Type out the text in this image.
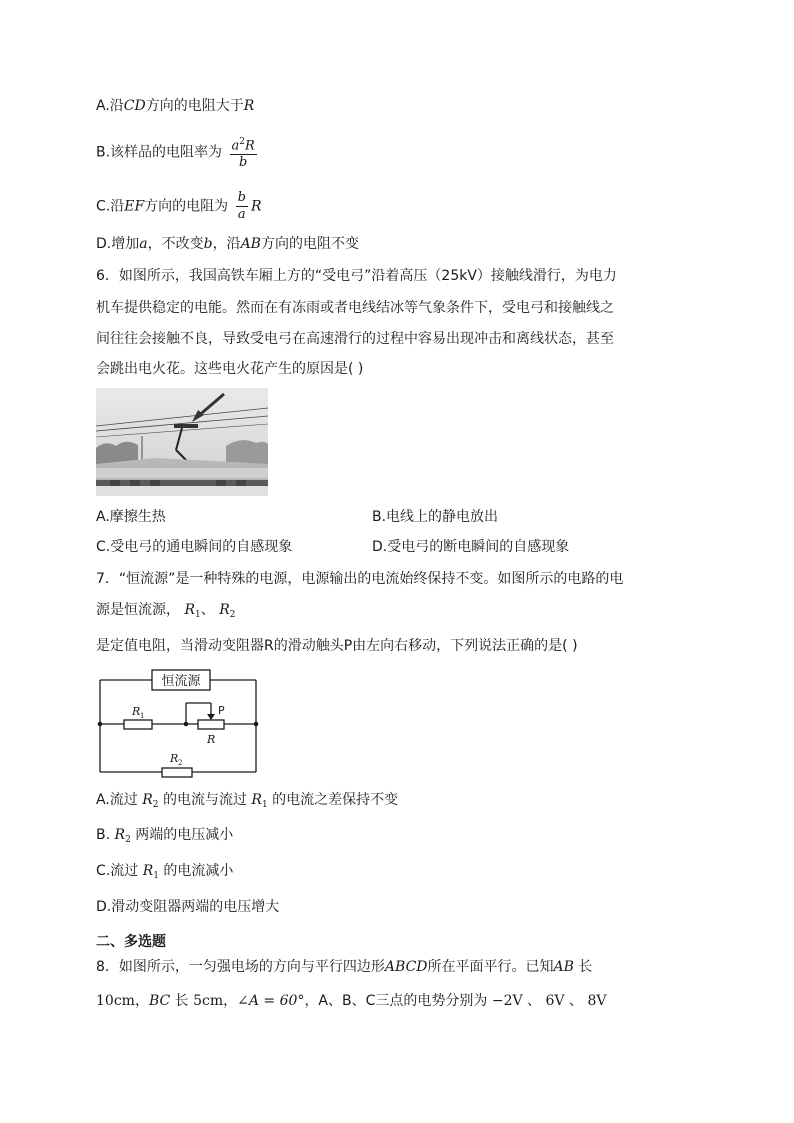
A.沿CD方向的电阻大于R
B.该样品的电阻率为 $\frac{a^2R}{b}$
C.沿EF方向的电阻为 $\frac{b}{a}$ R
D.增加a，不改变b，沿AB方向的电阻不变
6．如图所示，我国高铁车厢上方的“受电弓”沿着高压（25kV）接触线滑行，为电力
机车提供稳定的电能。然而在有冻雨或者电线结冰等气象条件下，受电弓和接触线之
间往往会接触不良，导致受电弓在高速滑行的过程中容易出现冲击和离线状态，甚至
会跳出电火花。这些电火花产生的原因是( )
A.摩擦生热	B.电线上的静电放出
C.受电弓的通电瞬间的自感现象	D.受电弓的断电瞬间的自感现象
7．“恒流源”是一种特殊的电源，电源输出的电流始终保持不变。如图所示的电路的电
源是恒流源， $R_1$、 $R_2$
是定值电阻，当滑动变阻器R的滑动触头P由左向右移动，下列说法正确的是( )
恒流源
R 1	P
R
R 2
A.流过 $R_2$ 的电流与流过 $R_1$ 的电流之差保持不变
B. $R_2$ 两端的电压减小
C.流过 $R_1$ 的电流减小
D.滑动变阻器两端的电压增大
二、多选题
8．如图所示，一匀强电场的方向与平行四边形ABCD所在平面平行。已知AB 长
10cm，BC 长 5cm，∠A = 60°，A、B、C三点的电势分别为 −2V 、 6V 、 8V
